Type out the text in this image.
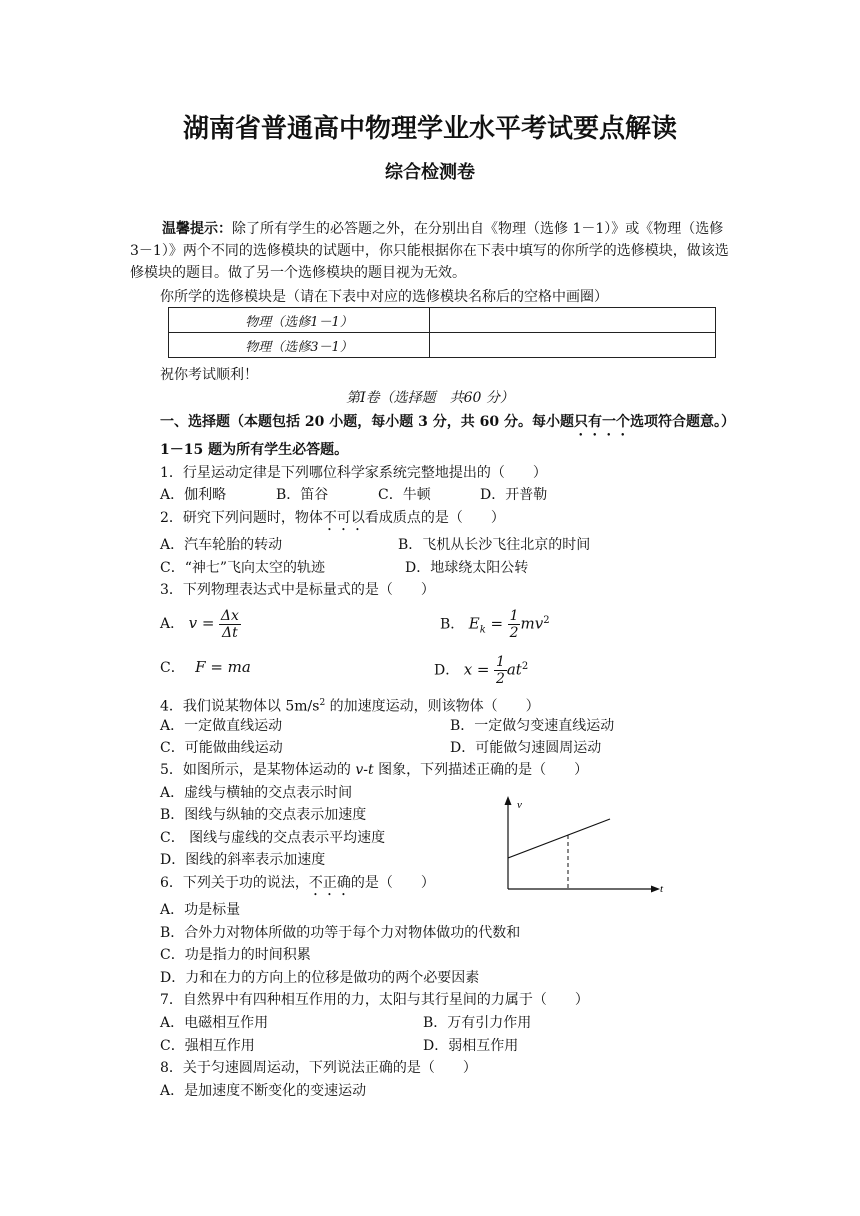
湖南省普通高中物理学业水平考试要点解读
综合检测卷
温馨提示：除了所有学生的必答题之外，在分别出自《物理（选修 1－1）》或《物理（选修 3－1）》两个不同的选修模块的试题中，你只能根据你在下表中填写的你所学的选修模块，做该选修模块的题目。做了另一个选修模块的题目视为无效。
你所学的选修模块是（请在下表中对应的选修模块名称后的空格中画圈）
物理（选修1－1）	
物理（选修3－1）	
祝你考试顺利！
第Ⅰ卷（选择题　共60 分）
一、选择题（本题包括 20 小题，每小题 3 分，共 60 分。每小题只有一个选项符合题意。）
1－15 题为所有学生必答题。
1．行星运动定律是下列哪位科学家系统完整地提出的（　　）
A．伽利略	B．笛谷	C．牛顿	D．开普勒
2．研究下列问题时，物体不可以看成质点的是（　　）
A．汽车轮胎的转动	B．飞机从长沙飞往北京的时间
C．“神七”飞向太空的轨迹	D．地球绕太阳公转
3．下列物理表达式中是标量式的是（　　）
A． $v = \frac{\Delta x}{\Delta t}$	B． $E_k = \frac{1}{2} mv^2$
C． F = ma	D． $x = \frac{1}{2} at^2$
4．我们说某物体以 $5m/s^2$ 的加速度运动，则该物体（　　）
A．一定做直线运动	B．一定做匀变速直线运动
C．可能做曲线运动	D．可能做匀速圆周运动
5．如图所示，是某物体运动的 v-t 图象，下列描述正确的是（　　）
A．虚线与横轴的交点表示时间
B．图线与纵轴的交点表示加速度
C． 图线与虚线的交点表示平均速度
D．图线的斜率表示加速度
v
t
6．下列关于功的说法，不正确的是（　　）
A．功是标量
B．合外力对物体所做的功等于每个力对物体做功的代数和
C．功是指力的时间积累
D．力和在力的方向上的位移是做功的两个必要因素
7．自然界中有四种相互作用的力，太阳与其行星间的力属于（　　）
A．电磁相互作用	B．万有引力作用
C．强相互作用	D．弱相互作用
8．关于匀速圆周运动，下列说法正确的是（　　）
A．是加速度不断变化的变速运动
